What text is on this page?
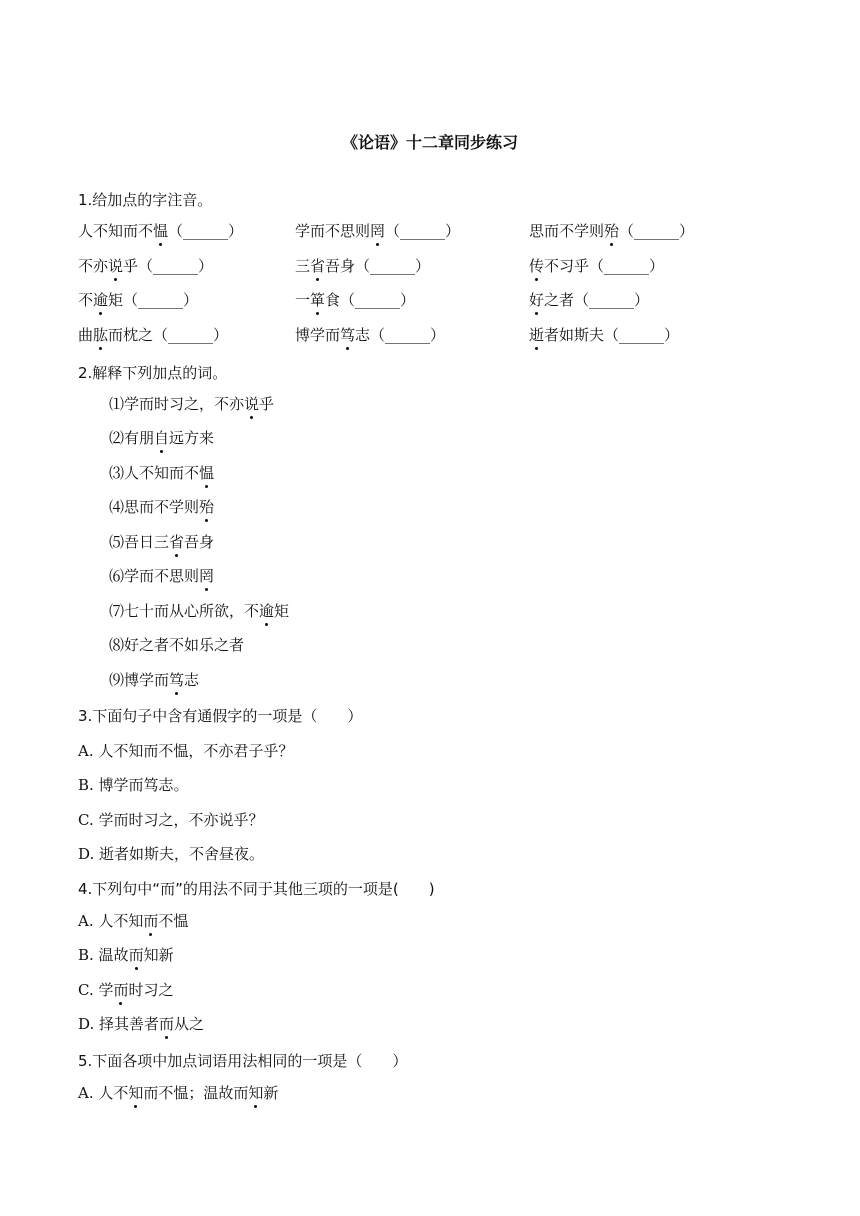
《论语》十二章同步练习
1.给加点的字注音。
人不知而不愠（______）	学而不思则罔（______）	思而不学则殆（______）
不亦说乎（______）	三省吾身（______）	传不习乎（______）
不逾矩（______）	一箪食（______）	好之者（______）
曲肱而枕之（______）	博学而笃志（______）	逝者如斯夫（______）
2.解释下列加点的词。
⑴学而时习之，不亦说乎
⑵有朋自远方来
⑶人不知而不愠
⑷思而不学则殆
⑸吾日三省吾身
⑹学而不思则罔
⑺七十而从心所欲，不逾矩
⑻好之者不如乐之者
⑼博学而笃志
3.下面句子中含有通假字的一项是（　　）
A. 人不知而不愠，不亦君子乎？
B. 博学而笃志。
C. 学而时习之，不亦说乎？
D. 逝者如斯夫，不舍昼夜。
4.下列句中“而”的用法不同于其他三项的一项是(　　)
A. 人不知而不愠
B. 温故而知新
C. 学而时习之
D. 择其善者而从之
5.下面各项中加点词语用法相同的一项是（　　）
A. 人不知而不愠；温故而知新
